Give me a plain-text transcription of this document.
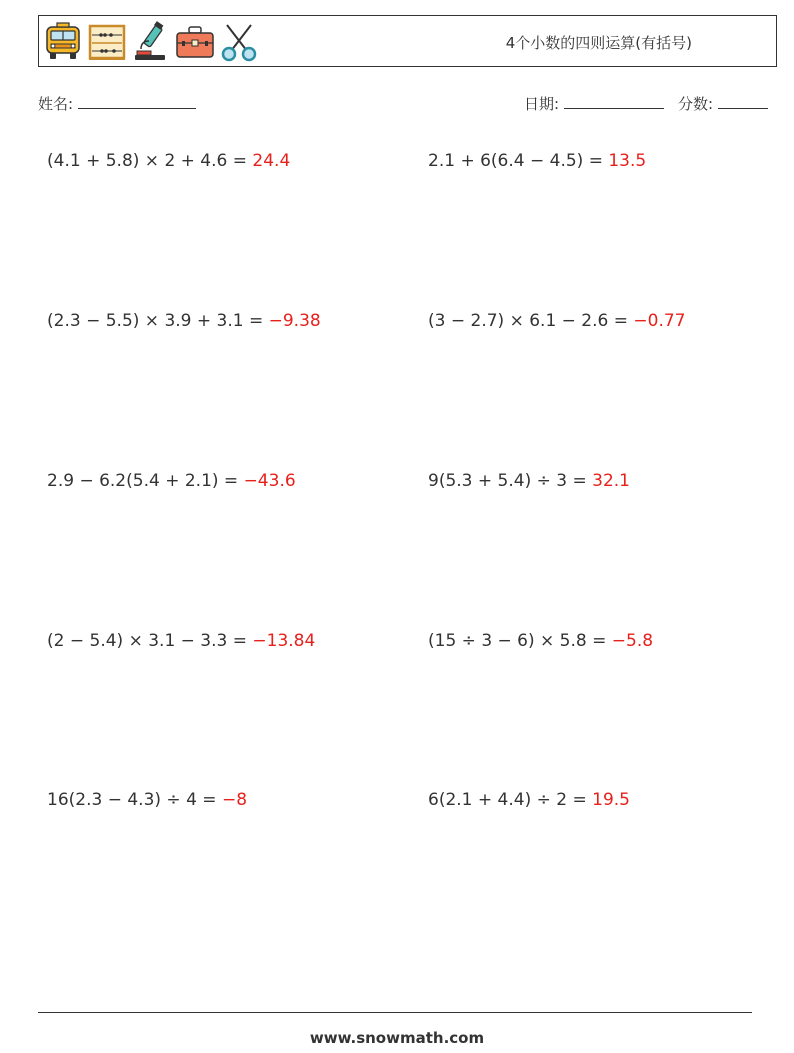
4个小数的四则运算(有括号)
姓名:	日期:	分数:
(4.1 + 5.8) × 2 + 4.6 = 24.4	2.1 + 6(6.4 − 4.5) = 13.5
(2.3 − 5.5) × 3.9 + 3.1 = −9.38	(3 − 2.7) × 6.1 − 2.6 = −0.77
2.9 − 6.2(5.4 + 2.1) = −43.6	9(5.3 + 5.4) ÷ 3 = 32.1
(2 − 5.4) × 3.1 − 3.3 = −13.84	(15 ÷ 3 − 6) × 5.8 = −5.8
16(2.3 − 4.3) ÷ 4 = −8	6(2.1 + 4.4) ÷ 2 = 19.5
www.snowmath.com
